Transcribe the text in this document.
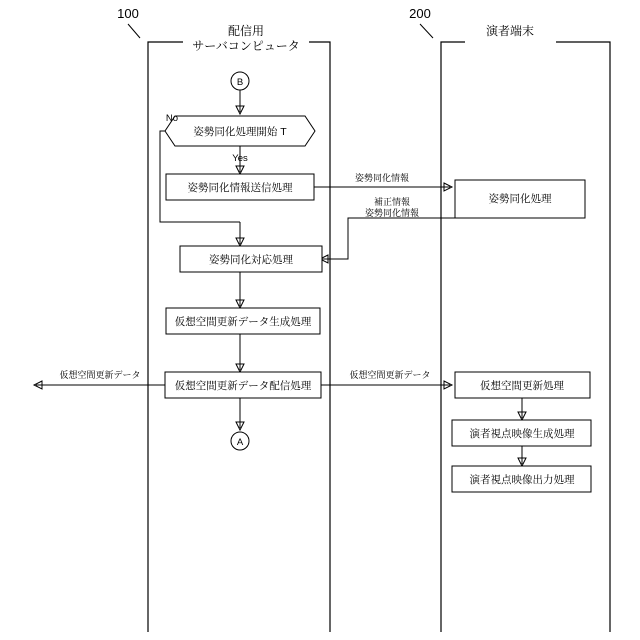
配信用
サーバコンピュータ
100
演者端末
200
B
姿勢同化処理開始 T
No
Yes
姿勢同化情報送信処理
姿勢同化情報
姿勢同化処理
補正情報
姿勢同化情報
姿勢同化対応処理
仮想空間更新データ生成処理
仮想空間更新データ配信処理
仮想空間更新データ	仮想空間更新データ
A
仮想空間更新処理
演者視点映像生成処理
演者視点映像出力処理
